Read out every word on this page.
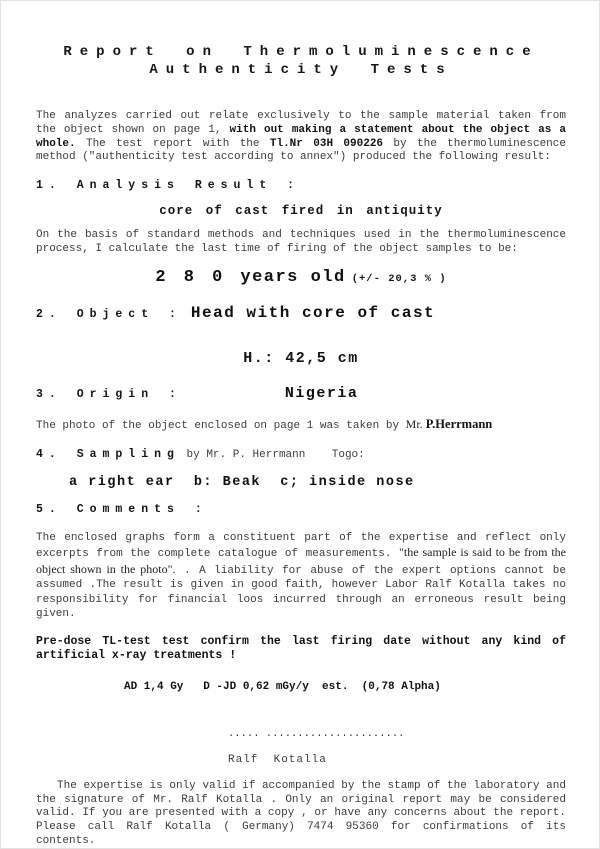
Report on Thermoluminescence
Authenticity Tests
The analyzes carried out relate exclusively to the sample material taken from the object shown on page 1, with out making a statement about the object as a whole. The test report with the Tl.Nr 03H 090226 by the thermoluminescence method ("authenticity test according to annex") produced the following result:
1. Analysis Result :
core of cast fired in antiquity
On the basis of standard methods and techniques used in the thermoluminescence process, I calculate the last time of firing of the object samples to be:
2 8 0 years old (+/- 20,3 % )
2. Object : Head with core of cast
H.: 42,5 cm
3. Origin :	Nigeria
The photo of the object enclosed on page 1 was taken by Mr. P.Herrmann
4. Sampling by Mr. P. Herrmann    Togo:
a right ear  b: Beak  c; inside nose
5. Comments :
The enclosed graphs form a constituent part of the expertise and reflect only excerpts from the complete catalogue of measurements. "the sample is said to be from the object shown in the photo". . A liability for abuse of the expert options cannot be assumed .The result is given in good faith, however Labor Ralf Kotalla takes no responsibility for financial loos incurred through an erroneous result being given.
Pre-dose TL-test test confirm the last firing date without any kind of artificial x-ray treatments !
AD 1,4 Gy   D -JD 0,62 mGy/y  est.  (0,78 Alpha)
..... ......................
Ralf  Kotalla
The expertise is only valid if accompanied by the stamp of the laboratory and the signature of Mr. Ralf Kotalla . Only an original report may be considered valid. If you are presented with a copy , or have any concerns about the report. Please call Ralf Kotalla ( Germany) 7474 95360 for confirmations of its contents.
